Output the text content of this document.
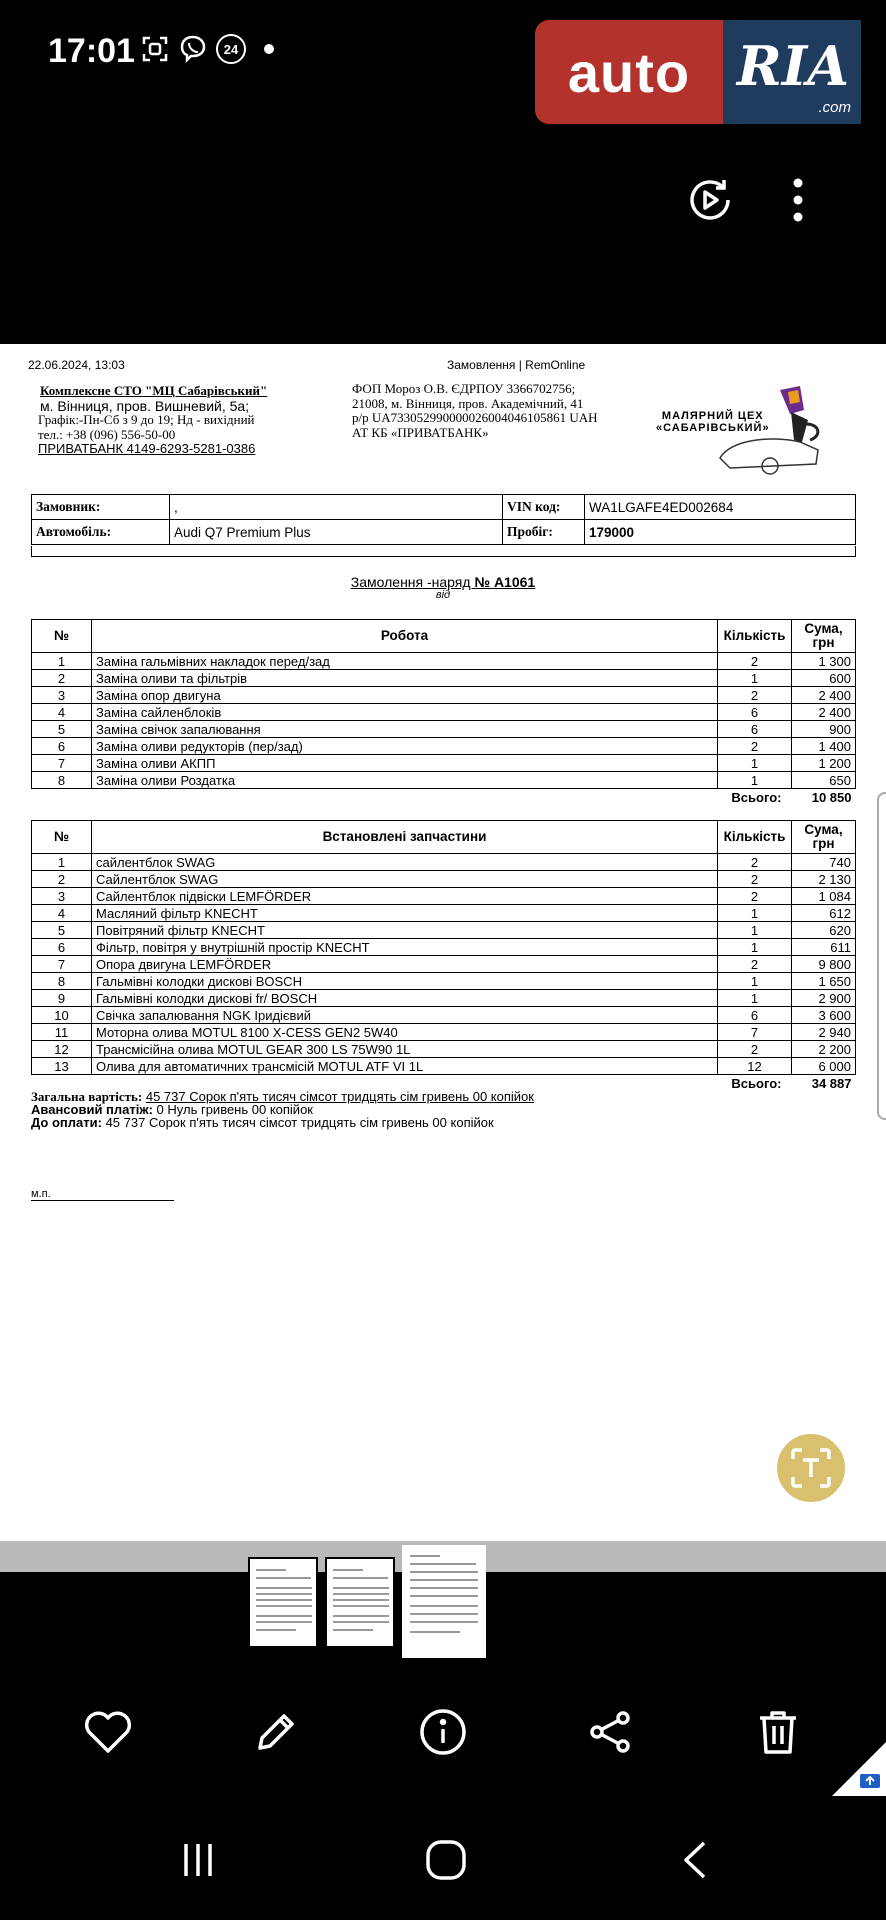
17:01	24	auto RIA
.com
22.06.2024, 13:03	Замовлення | RemOnline
Комплексне СТО "МЦ Сабарівський"
м. Вінниця, пров. Вишневий, 5а;
Графік:-Пн-Сб з 9 до 19; Нд - вихідний
тел.: +38 (096) 556-50-00
ПРИВАТБАНК 4149-6293-5281-0386
ФОП Мороз О.В. ЄДРПОУ 3366702756;
21008, м. Вінниця, пров. Академічний, 41
р/р UA733052990000026004046105861 UAH
АТ КБ «ПРИВАТБАНК»
МАЛЯРНИЙ ЦЕХ
«САБАРІВСЬКИЙ»
Замовник:	,	VIN код:	WA1LGAFE4ED002684
Автомобіль:	Audi Q7 Premium Plus	Пробіг:	179000
Замолення -наряд № A1061
від
№	Робота	Кількість	Сума, грн
1	Заміна гальмівних накладок перед/зад	2	1 300
2	Заміна оливи та фільтрів	1	600
3	Заміна опор двигуна	2	2 400
4	Заміна сайленблоків	6	2 400
5	Заміна свічок запалювання	6	900
6	Заміна оливи редукторів (пер/зад)	2	1 400
7	Заміна оливи АКПП	1	1 200
8	Заміна оливи Роздатка	1	650
Всього:			10 850
№	Встановлені запчастини	Кількість	Сума, грн
1	сайлентблок SWAG	2	740
2	Сайлентблок SWAG	2	2 130
3	Сайлентблок підвіски LEMFÖRDER	2	1 084
4	Масляний фільтр KNECHT	1	612
5	Повітряний фільтр KNECHT	1	620
6	Фільтр, повітря у внутрішній простір KNECHT	1	611
7	Опора двигуна LEMFÖRDER	2	9 800
8	Гальмівні колодки дискові BOSCH	1	1 650
9	Гальмівні колодки дискові fr/ BOSCH	1	2 900
10	Свічка запалювання NGK Іридієвий	6	3 600
11	Моторна олива MOTUL 8100 X-CESS GEN2 5W40	7	2 940
12	Трансмісійна олива MOTUL GEAR 300 LS 75W90 1L	2	2 200
13	Олива для автоматичних трансмісій MOTUL ATF VI 1L	12	6 000
Всього:			34 887
Загальна вартість: 45 737 Сорок п'ять тисяч сімсот тридцять сім гривень 00 копійок
Авансовий платіж: 0 Нуль гривень 00 копійок
До оплати: 45 737 Сорок п'ять тисяч сімсот тридцять сім гривень 00 копійок
м.п.
